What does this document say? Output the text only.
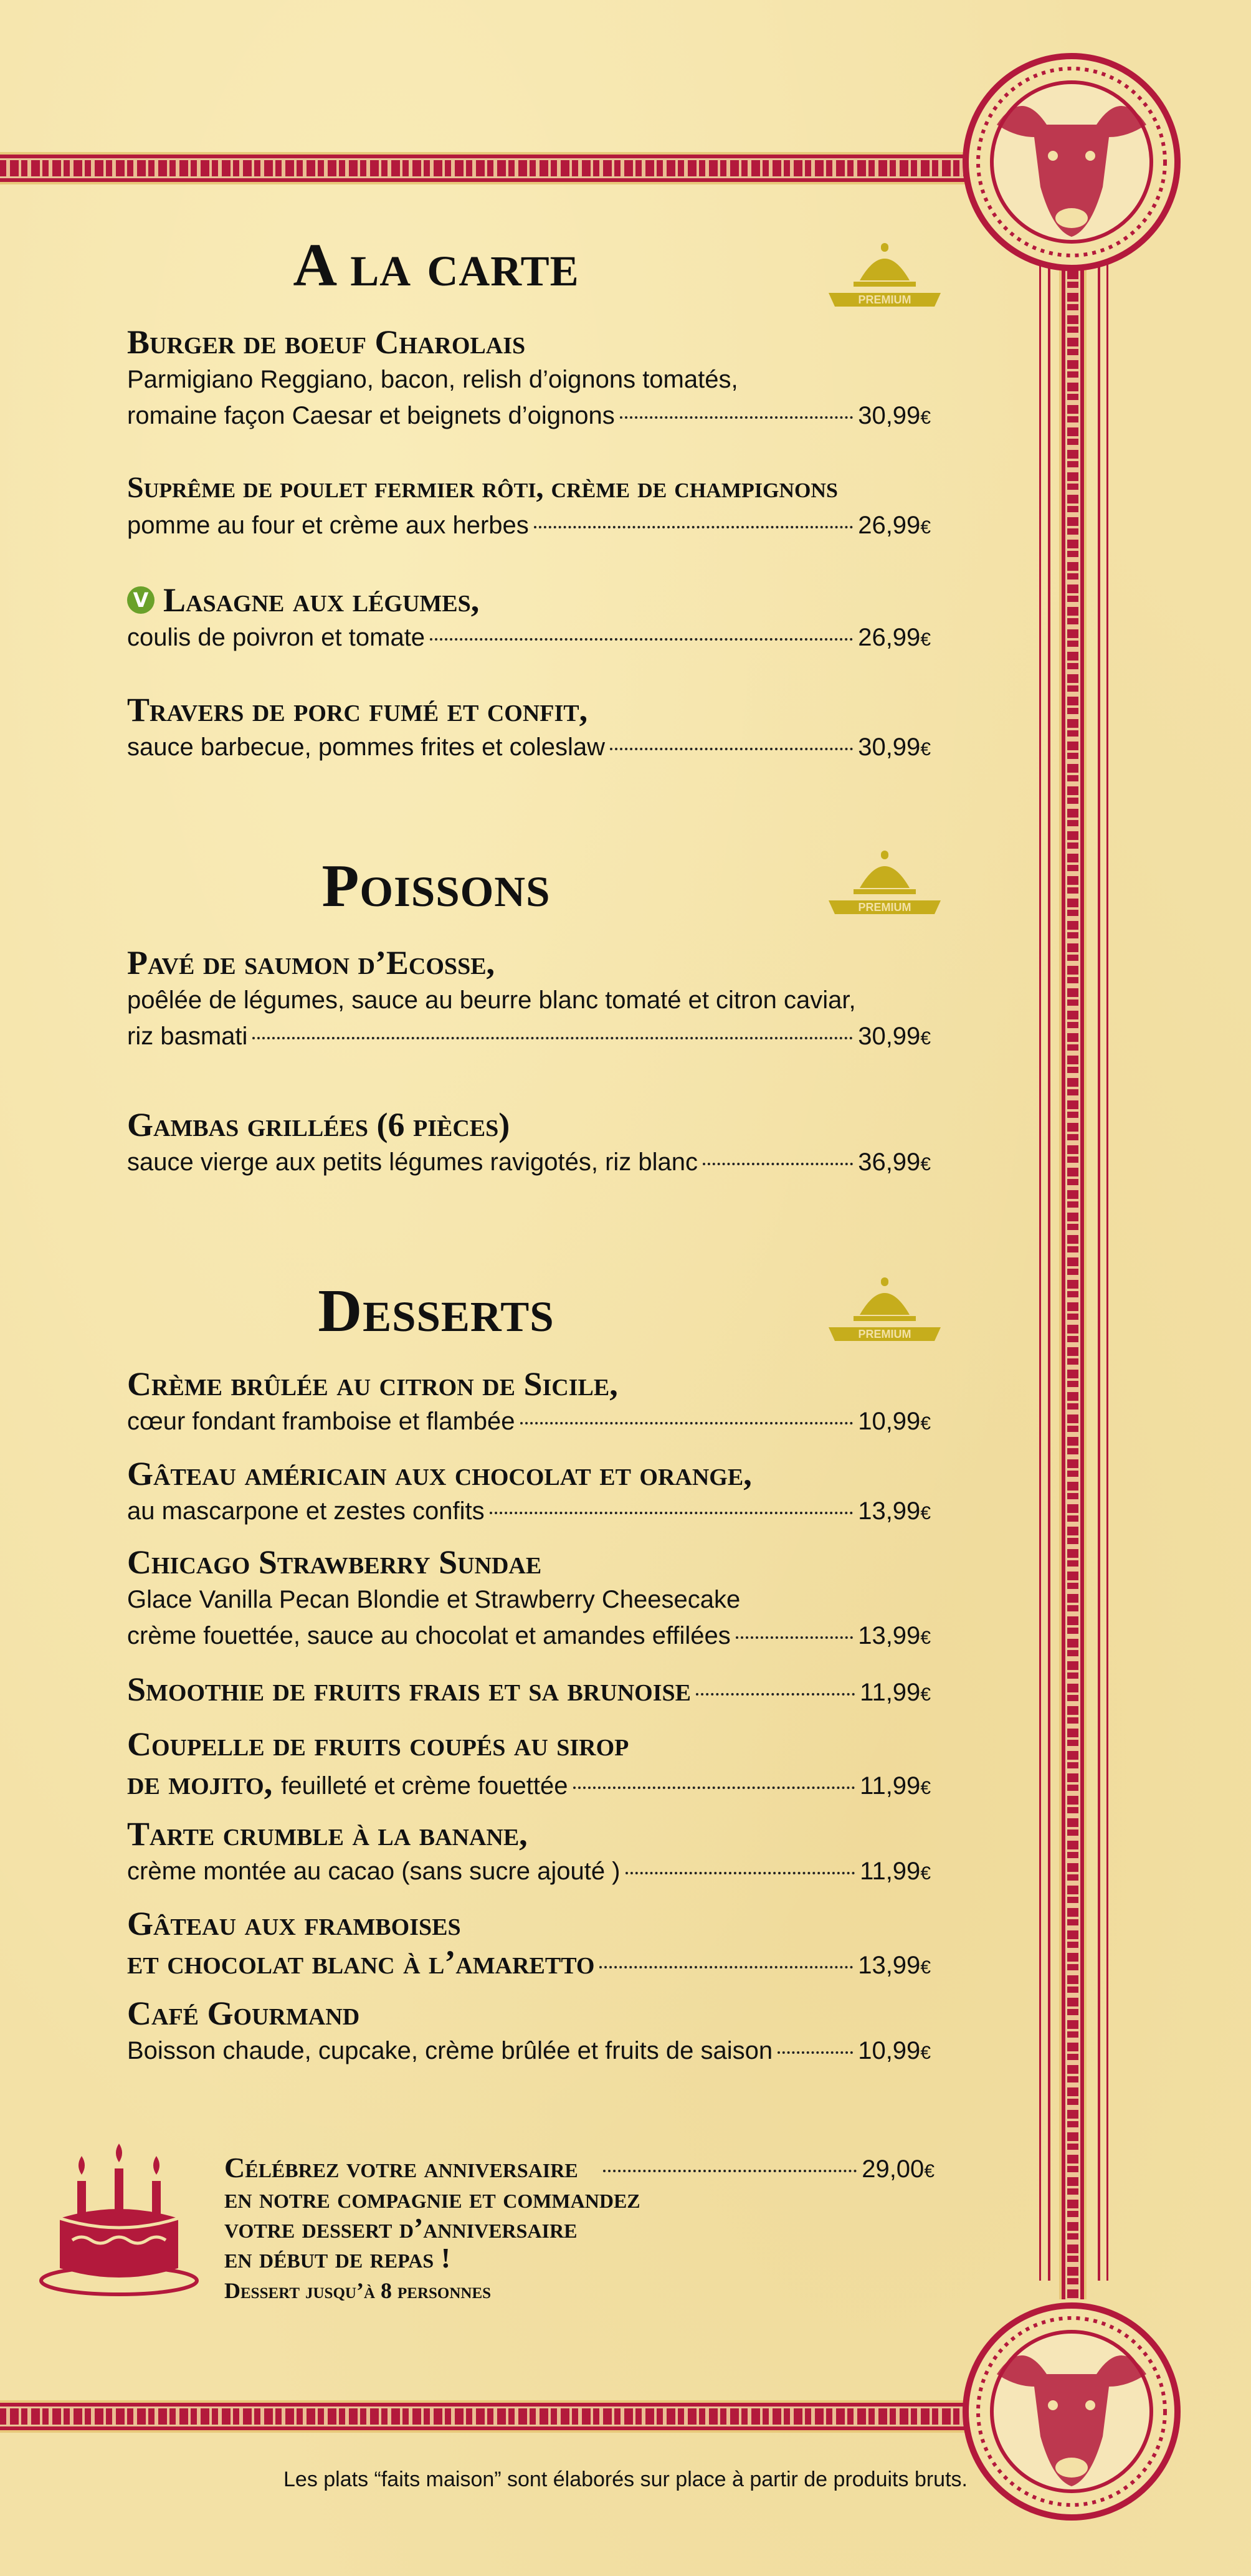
A la carte
PREMIUM
Burger de boeuf Charolais
Parmigiano Reggiano, bacon, relish d’oignons tomatés,
romaine façon Caesar et beignets d’oignons	30,99€
Suprême de poulet fermier rôti, crème de champignons
pomme au four et crème aux herbes	26,99€
V Lasagne aux légumes,
coulis de poivron et tomate	26,99€
Travers de porc fumé et confit,
sauce barbecue, pommes frites et coleslaw	30,99€
Poissons	PREMIUM
Pavé de saumon d’Ecosse,
poêlée de légumes, sauce au beurre blanc tomaté et citron caviar,
riz basmati	30,99€
Gambas grillées (6 pièces)
sauce vierge aux petits légumes ravigotés, riz blanc	36,99€
Desserts	PREMIUM
Crème brûlée au citron de Sicile,
cœur fondant framboise et flambée	10,99€
Gâteau américain aux chocolat et orange,
au mascarpone et zestes confits	13,99€
Chicago Strawberry Sundae
Glace Vanilla Pecan Blondie et Strawberry Cheesecake
crème fouettée, sauce au chocolat et amandes effilées	13,99€
Smoothie de fruits frais et sa brunoise	11,99€
Coupelle de fruits coupés au sirop
de mojito, feuilleté et crème fouettée	11,99€
Tarte crumble à la banane,
crème montée au cacao (sans sucre ajouté )	11,99€
Gâteau aux framboises
et chocolat blanc à l’amaretto	13,99€
Café Gourmand
Boisson chaude, cupcake, crème brûlée et fruits de saison	10,99€
Célébrez votre anniversaire	29,00€
en notre compagnie et commandez
votre dessert d’anniversaire
en début de repas !
Dessert jusqu’à 8 personnes
Les plats “faits maison” sont élaborés sur place à partir de produits bruts.
